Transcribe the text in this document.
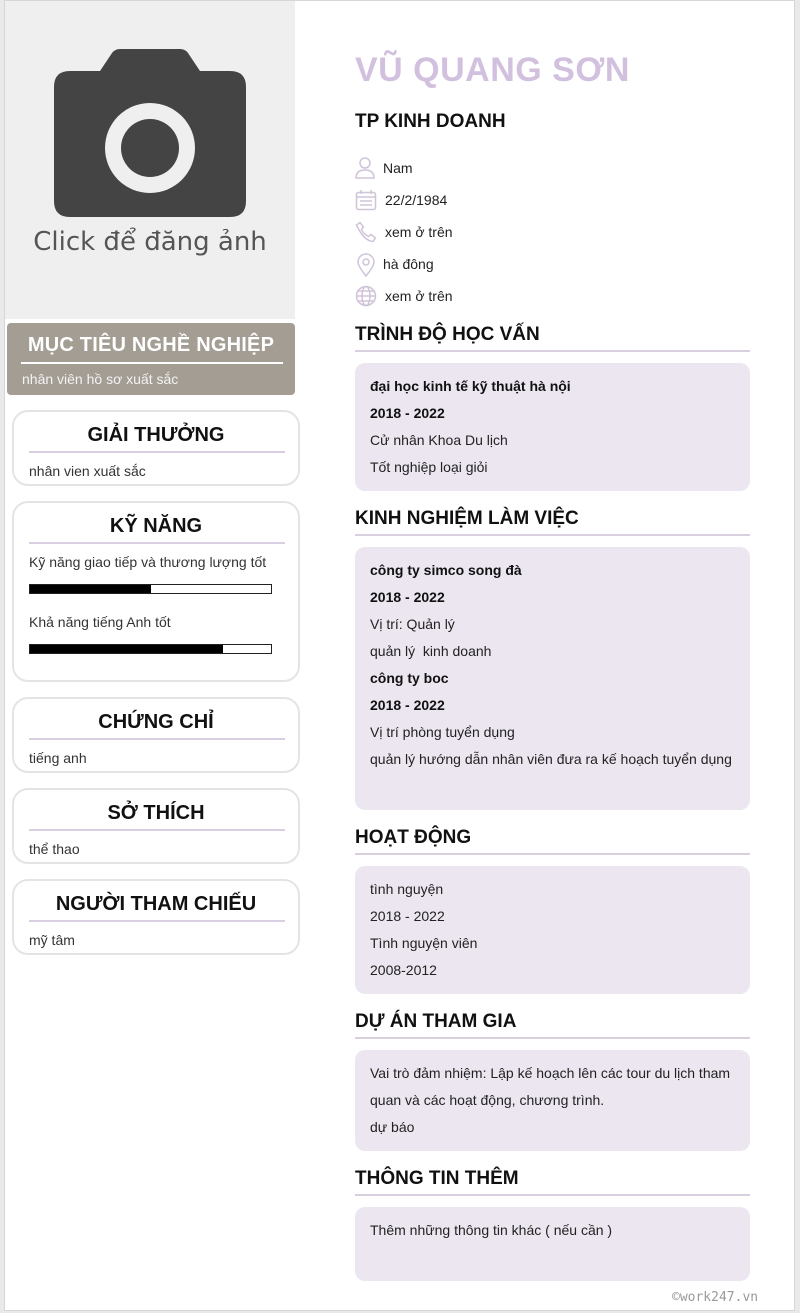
Click để đăng ảnh
MỤC TIÊU NGHỀ NGHIỆP
nhân viên hồ sơ xuất sắc
GIẢI THƯỞNG
nhân vien xuất sắc
KỸ NĂNG
Kỹ năng giao tiếp và thương lượng tốt
Khả năng tiếng Anh tốt
CHỨNG CHỈ
tiếng anh
SỞ THÍCH
thể thao
NGƯỜI THAM CHIẾU
mỹ tâm
VŨ QUANG SƠN
TP KINH DOANH
Nam
22/2/1984
xem ở trên
hà đông
xem ở trên
TRÌNH ĐỘ HỌC VẤN
đại học kinh tế kỹ thuật hà nội
2018 - 2022
Cử nhân Khoa Du lịch
Tốt nghiệp loại giỏi
KINH NGHIỆM LÀM VIỆC
công ty simco song đà
2018 - 2022
Vị trí: Quản lý
quản lý  kinh doanh
công ty boc
2018 - 2022
Vị trí phòng tuyển dụng
quản lý hướng dẫn nhân viên đưa ra kế hoạch tuyển dụng
HOẠT ĐỘNG
tình nguyện
2018 - 2022
Tình nguyện viên
2008-2012
DỰ ÁN THAM GIA
Vai trò đảm nhiệm: Lập kế hoạch lên các tour du lịch tham quan và các hoạt động, chương trình.
dự báo
THÔNG TIN THÊM
Thêm những thông tin khác ( nếu cần )
©work247.vn
